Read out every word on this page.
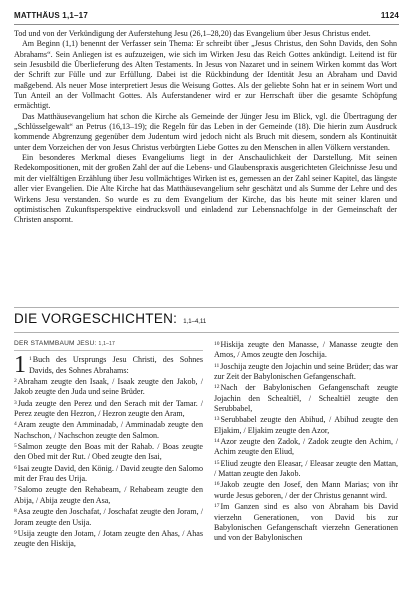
MATTHÄUS 1,1–17	1124

Tod und von der Verkündigung der Auferstehung Jesu (26,1–28,20) das Evangelium über Jesus Christus endet.

Am Beginn (1,1) benennt der Verfasser sein Thema: Er schreibt über „Jesus Christus, den Sohn Davids, den Sohn Abrahams“. Sein Anliegen ist es aufzuzeigen, wie sich im Wirken Jesu das Reich Gottes ankündigt. Leitend ist für sein Jesusbild die Überlieferung des Alten Testaments. In Jesus von Nazaret und in seinem Wirken kommt das Wort der Schrift zur Fülle und zur Erfüllung. Dabei ist die Rückbindung der Identität Jesu an Abraham und David maßgebend. Als neuer Mose interpretiert Jesus die Weisung Gottes. Als der geliebte Sohn hat er in seinem Wort und Tun Anteil an der Vollmacht Gottes. Als Auferstandener wird er zur Herrschaft über die gesamte Schöpfung ermächtigt.

Das Matthäusevangelium hat schon die Kirche als Gemeinde der Jünger Jesu im Blick, vgl. die Übertragung der „Schlüsselgewalt“ an Petrus (16,13–19); die Regeln für das Leben in der Gemeinde (18). Die hierin zum Ausdruck kommende Abgrenzung gegenüber dem Judentum wird jedoch nicht als Bruch mit diesem, sondern als Kontinuität unter dem Vorzeichen der von Jesus Christus verbürgten Liebe Gottes zu den Menschen in allen Völkern verstanden.

Ein besonderes Merkmal dieses Evangeliums liegt in der Anschaulichkeit der Darstellung. Mit seinen Redekompositionen, mit der großen Zahl der auf die Lebens- und Glaubenspraxis ausgerichteten Gleichnisse Jesu und mit der vielfältigen Erzählung über Jesu vollmächtiges Wirken ist es, gemessen an der Zahl seiner Kapitel, das längste aller vier Evangelien. Die Alte Kirche hat das Matthäusevangelium sehr geschätzt und als Summe der Lehre und des Wirkens Jesu verstanden. So wurde es zu dem Evangelium der Kirche, das bis heute mit seiner klaren und optimistischen Zukunftsperspektive eindrucksvoll und einladend zur Lebensnachfolge in der Gemeinschaft der Christen anspornt.

DIE VORGESCHICHTEN: 1,1–4,11
DER STAMMBAUM JESU: 1,1–17

1 $^1$Buch des Ursprungs Jesu Christi, des Sohnes Davids, des Sohnes Abrahams:

$^2$Abraham zeugte den Isaak, / Isaak zeugte den Jakob, / Jakob zeugte den Juda und seine Brüder.

$^3$Juda zeugte den Perez und den Serach mit der Tamar. / Perez zeugte den Hezron, / Hezron zeugte den Aram,

$^4$Aram zeugte den Amminadab, / Amminadab zeugte den Nachschon, / Nachschon zeugte den Salmon.

$^5$Salmon zeugte den Boas mit der Rahab. / Boas zeugte den Obed mit der Rut. / Obed zeugte den Isai,

$^6$Isai zeugte David, den König. / David zeugte den Salomo mit der Frau des Urija.

$^7$Salomo zeugte den Rehabeam, / Rehabeam zeugte den Abija, / Abija zeugte den Asa,

$^8$Asa zeugte den Joschafat, / Joschafat zeugte den Joram, / Joram zeugte den Usija.

$^9$Usija zeugte den Jotam, / Jotam zeugte den Ahas, / Ahas zeugte den Hiskija,

$^{10}$Hiskija zeugte den Manasse, / Manasse zeugte den Amos, / Amos zeugte den Joschija.

$^{11}$Joschija zeugte den Jojachin und seine Brüder; das war zur Zeit der Babylonischen Gefangenschaft.

$^{12}$Nach der Babylonischen Gefangenschaft zeugte Jojachin den Schealtiël, / Schealtiël zeugte den Serubbabel,

$^{13}$Serubbabel zeugte den Abihud, / Abihud zeugte den Eljakim, / Eljakim zeugte den Azor,

$^{14}$Azor zeugte den Zadok, / Zadok zeugte den Achim, / Achim zeugte den Eliud,

$^{15}$Eliud zeugte den Eleasar, / Eleasar zeugte den Mattan, / Mattan zeugte den Jakob.

$^{16}$Jakob zeugte den Josef, den Mann Marias; von ihr wurde Jesus geboren, / der der Christus genannt wird.

$^{17}$Im Ganzen sind es also von Abraham bis David vierzehn Generationen, von David bis zur Babylonischen Gefangenschaft vierzehn Generationen und von der Babylonischen
